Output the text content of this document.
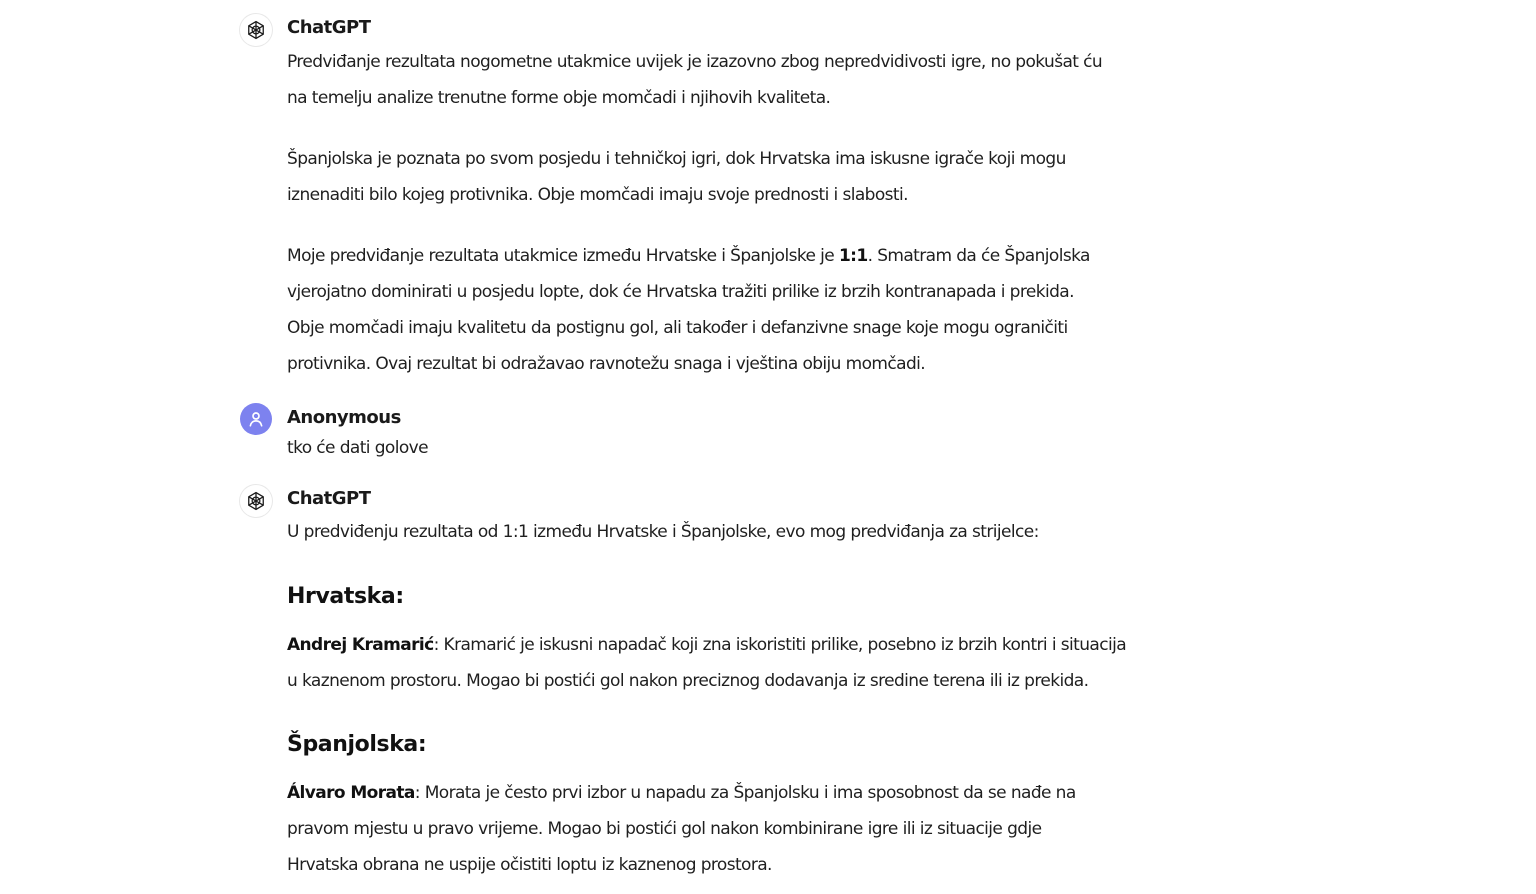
ChatGPT

Predviđanje rezultata nogometne utakmice uvijek je izazovno zbog nepredvidivosti igre, no pokušat ću

na temelju analize trenutne forme obje momčadi i njihovih kvaliteta.

Španjolska je poznata po svom posjedu i tehničkoj igri, dok Hrvatska ima iskusne igrače koji mogu

iznenaditi bilo kojeg protivnika. Obje momčadi imaju svoje prednosti i slabosti.

Moje predviđanje rezultata utakmice između Hrvatske i Španjolske je 1:1. Smatram da će Španjolska

vjerojatno dominirati u posjedu lopte, dok će Hrvatska tražiti prilike iz brzih kontranapada i prekida.

Obje momčadi imaju kvalitetu da postignu gol, ali također i defanzivne snage koje mogu ograničiti

protivnika. Ovaj rezultat bi odražavao ravnotežu snaga i vještina obiju momčadi.

Anonymous

tko će dati golove

ChatGPT

U predviđenju rezultata od 1:1 između Hrvatske i Španjolske, evo mog predviđanja za strijelce:

Hrvatska:

Andrej Kramarić: Kramarić je iskusni napadač koji zna iskoristiti prilike, posebno iz brzih kontri i situacija

u kaznenom prostoru. Mogao bi postići gol nakon preciznog dodavanja iz sredine terena ili iz prekida.

Španjolska:

Álvaro Morata: Morata je često prvi izbor u napadu za Španjolsku i ima sposobnost da se nađe na

pravom mjestu u pravo vrijeme. Mogao bi postići gol nakon kombinirane igre ili iz situacije gdje

Hrvatska obrana ne uspije očistiti loptu iz kaznenog prostora.
